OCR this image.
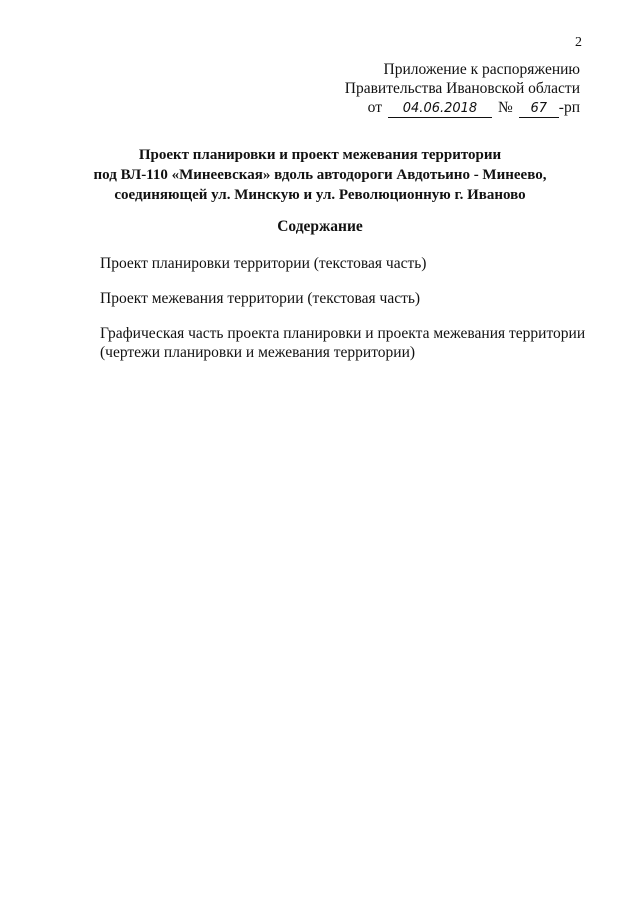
2
Приложение к распоряжению
Правительства Ивановской области
от 04.06.2018 № 67 -рп
Проект планировки и проект межевания территории
под ВЛ-110 «Минеевская» вдоль автодороги Авдотьино - Минеево,
соединяющей ул. Минскую и ул. Революционную г. Иваново
Содержание
Проект планировки территории (текстовая часть)
Проект межевания территории (текстовая часть)
Графическая часть проекта планировки и проекта межевания территории
(чертежи планировки и межевания территории)
